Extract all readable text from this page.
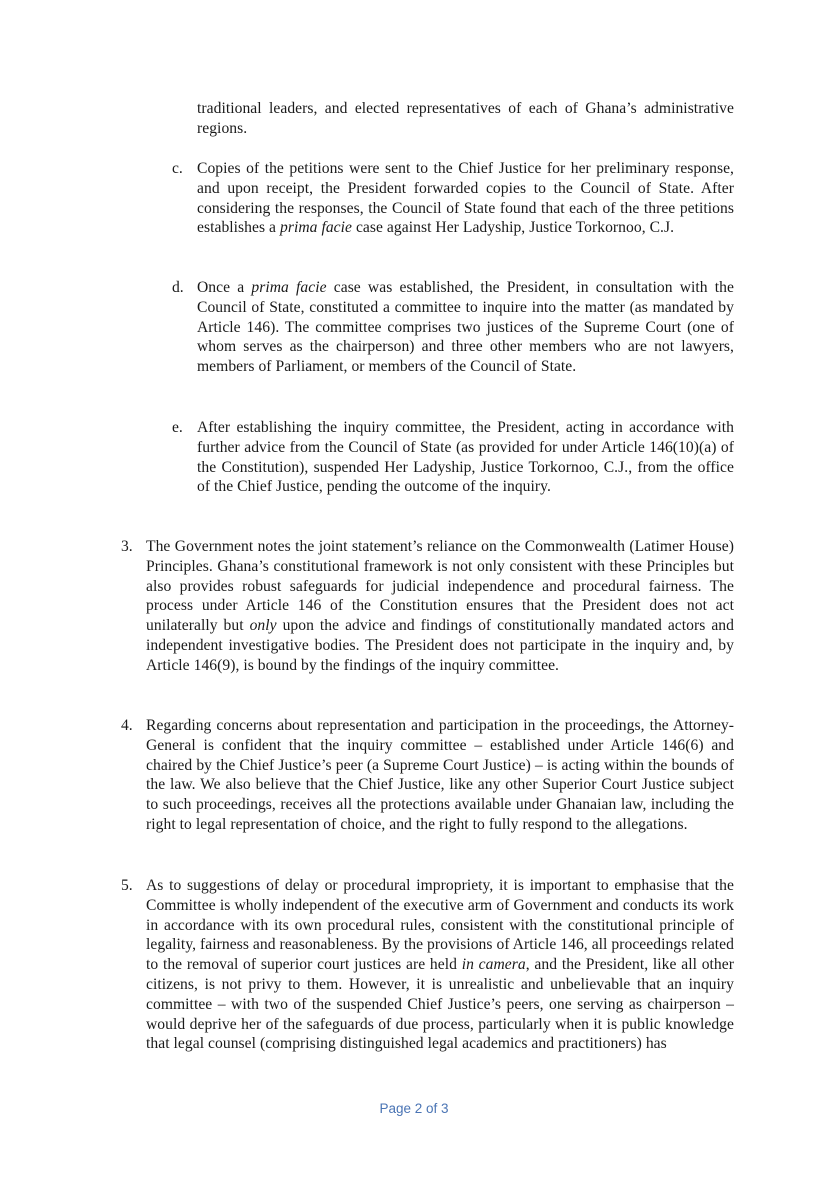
traditional leaders, and elected representatives of each of Ghana’s administrative regions.
c. Copies of the petitions were sent to the Chief Justice for her preliminary response, and upon receipt, the President forwarded copies to the Council of State. After considering the responses, the Council of State found that each of the three petitions establishes a prima facie case against Her Ladyship, Justice Torkornoo, C.J.
d. Once a prima facie case was established, the President, in consultation with the Council of State, constituted a committee to inquire into the matter (as mandated by Article 146). The committee comprises two justices of the Supreme Court (one of whom serves as the chairperson) and three other members who are not lawyers, members of Parliament, or members of the Council of State.
e. After establishing the inquiry committee, the President, acting in accordance with further advice from the Council of State (as provided for under Article 146(10)(a) of the Constitution), suspended Her Ladyship, Justice Torkornoo, C.J., from the office of the Chief Justice, pending the outcome of the inquiry.
3. The Government notes the joint statement’s reliance on the Commonwealth (Latimer House) Principles. Ghana’s constitutional framework is not only consistent with these Principles but also provides robust safeguards for judicial independence and procedural fairness. The process under Article 146 of the Constitution ensures that the President does not act unilaterally but only upon the advice and findings of constitutionally mandated actors and independent investigative bodies. The President does not participate in the inquiry and, by Article 146(9), is bound by the findings of the inquiry committee.
4. Regarding concerns about representation and participation in the proceedings, the Attorney-General is confident that the inquiry committee – established under Article 146(6) and chaired by the Chief Justice’s peer (a Supreme Court Justice) – is acting within the bounds of the law. We also believe that the Chief Justice, like any other Superior Court Justice subject to such proceedings, receives all the protections available under Ghanaian law, including the right to legal representation of choice, and the right to fully respond to the allegations.
5. As to suggestions of delay or procedural impropriety, it is important to emphasise that the Committee is wholly independent of the executive arm of Government and conducts its work in accordance with its own procedural rules, consistent with the constitutional principle of legality, fairness and reasonableness. By the provisions of Article 146, all proceedings related to the removal of superior court justices are held in camera, and the President, like all other citizens, is not privy to them. However, it is unrealistic and unbelievable that an inquiry committee – with two of the suspended Chief Justice’s peers, one serving as chairperson – would deprive her of the safeguards of due process, particularly when it is public knowledge that legal counsel (comprising distinguished legal academics and practitioners) has
Page 2 of 3
